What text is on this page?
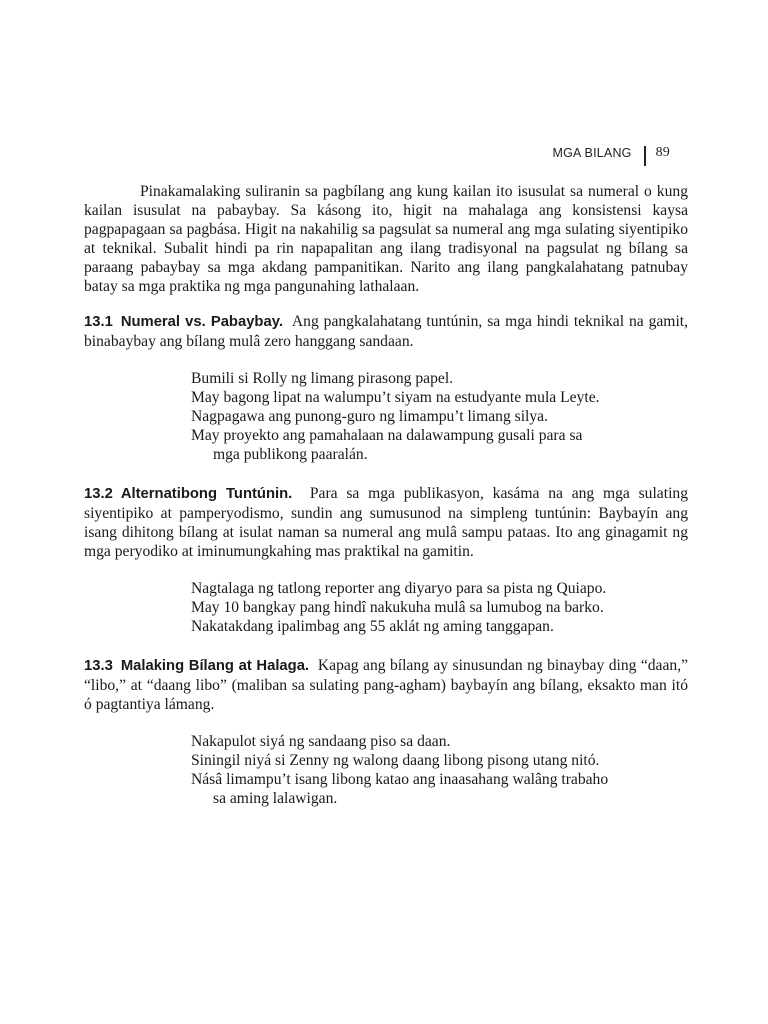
MGA BILANG 89

Pinakamalaking suliranin sa pagbílang ang kung kailan ito isusulat sa numeral o kung kailan isusulat na pabaybay. Sa kásong ito, higit na mahalaga ang konsistensi kaysa pagpapagaan sa pagbása. Higit na nakahilig sa pagsulat sa numeral ang mga sulating siyentipiko at teknikal. Subalit hindi pa rin napapalitan ang ilang tradisyonal na pagsulat ng bílang sa paraang pabaybay sa mga akdang pampanitikan. Narito ang ilang pangkalahatang patnubay batay sa mga praktika ng mga pangunahing lathalaan.

13.1 Numeral vs. Pabaybay. Ang pangkalahatang tuntúnin, sa mga hindi teknikal na gamit, binabaybay ang bílang mulâ zero hanggang sandaan.

Bumili si Rolly ng limang pirasong papel.

May bagong lipat na walumpu’t siyam na estudyante mula Leyte.

Nagpagawa ang punong-guro ng limampu’t limang silya.

May proyekto ang pamahalaan na dalawampung gusali para sa mga publikong paaralán.

13.2 Alternatibong Tuntúnin. Para sa mga publikasyon, kasáma na ang mga sulating siyentipiko at pamperyodismo, sundin ang sumusunod na simpleng tuntúnin: Baybayín ang isang dihitong bílang at isulat naman sa numeral ang mulâ sampu pataas. Ito ang ginagamit ng mga peryodiko at iminumungkahing mas praktikal na gamitin.

Nagtalaga ng tatlong reporter ang diyaryo para sa pista ng Quiapo.

May 10 bangkay pang hindî nakukuha mulâ sa lumubog na barko.

Nakatakdang ipalimbag ang 55 aklát ng aming tanggapan.

13.3 Malaking Bílang at Halaga. Kapag ang bílang ay sinusundan ng binaybay ding “daan,” “libo,” at “daang libo” (maliban sa sulating pang-agham) baybayín ang bílang, eksakto man itó ó pagtantiya lámang.

Nakapulot siyá ng sandaang piso sa daan.

Siningil niyá si Zenny ng walong daang libong pisong utang nitó.

Násâ limampu’t isang libong katao ang inaasahang walâng trabaho sa aming lalawigan.
